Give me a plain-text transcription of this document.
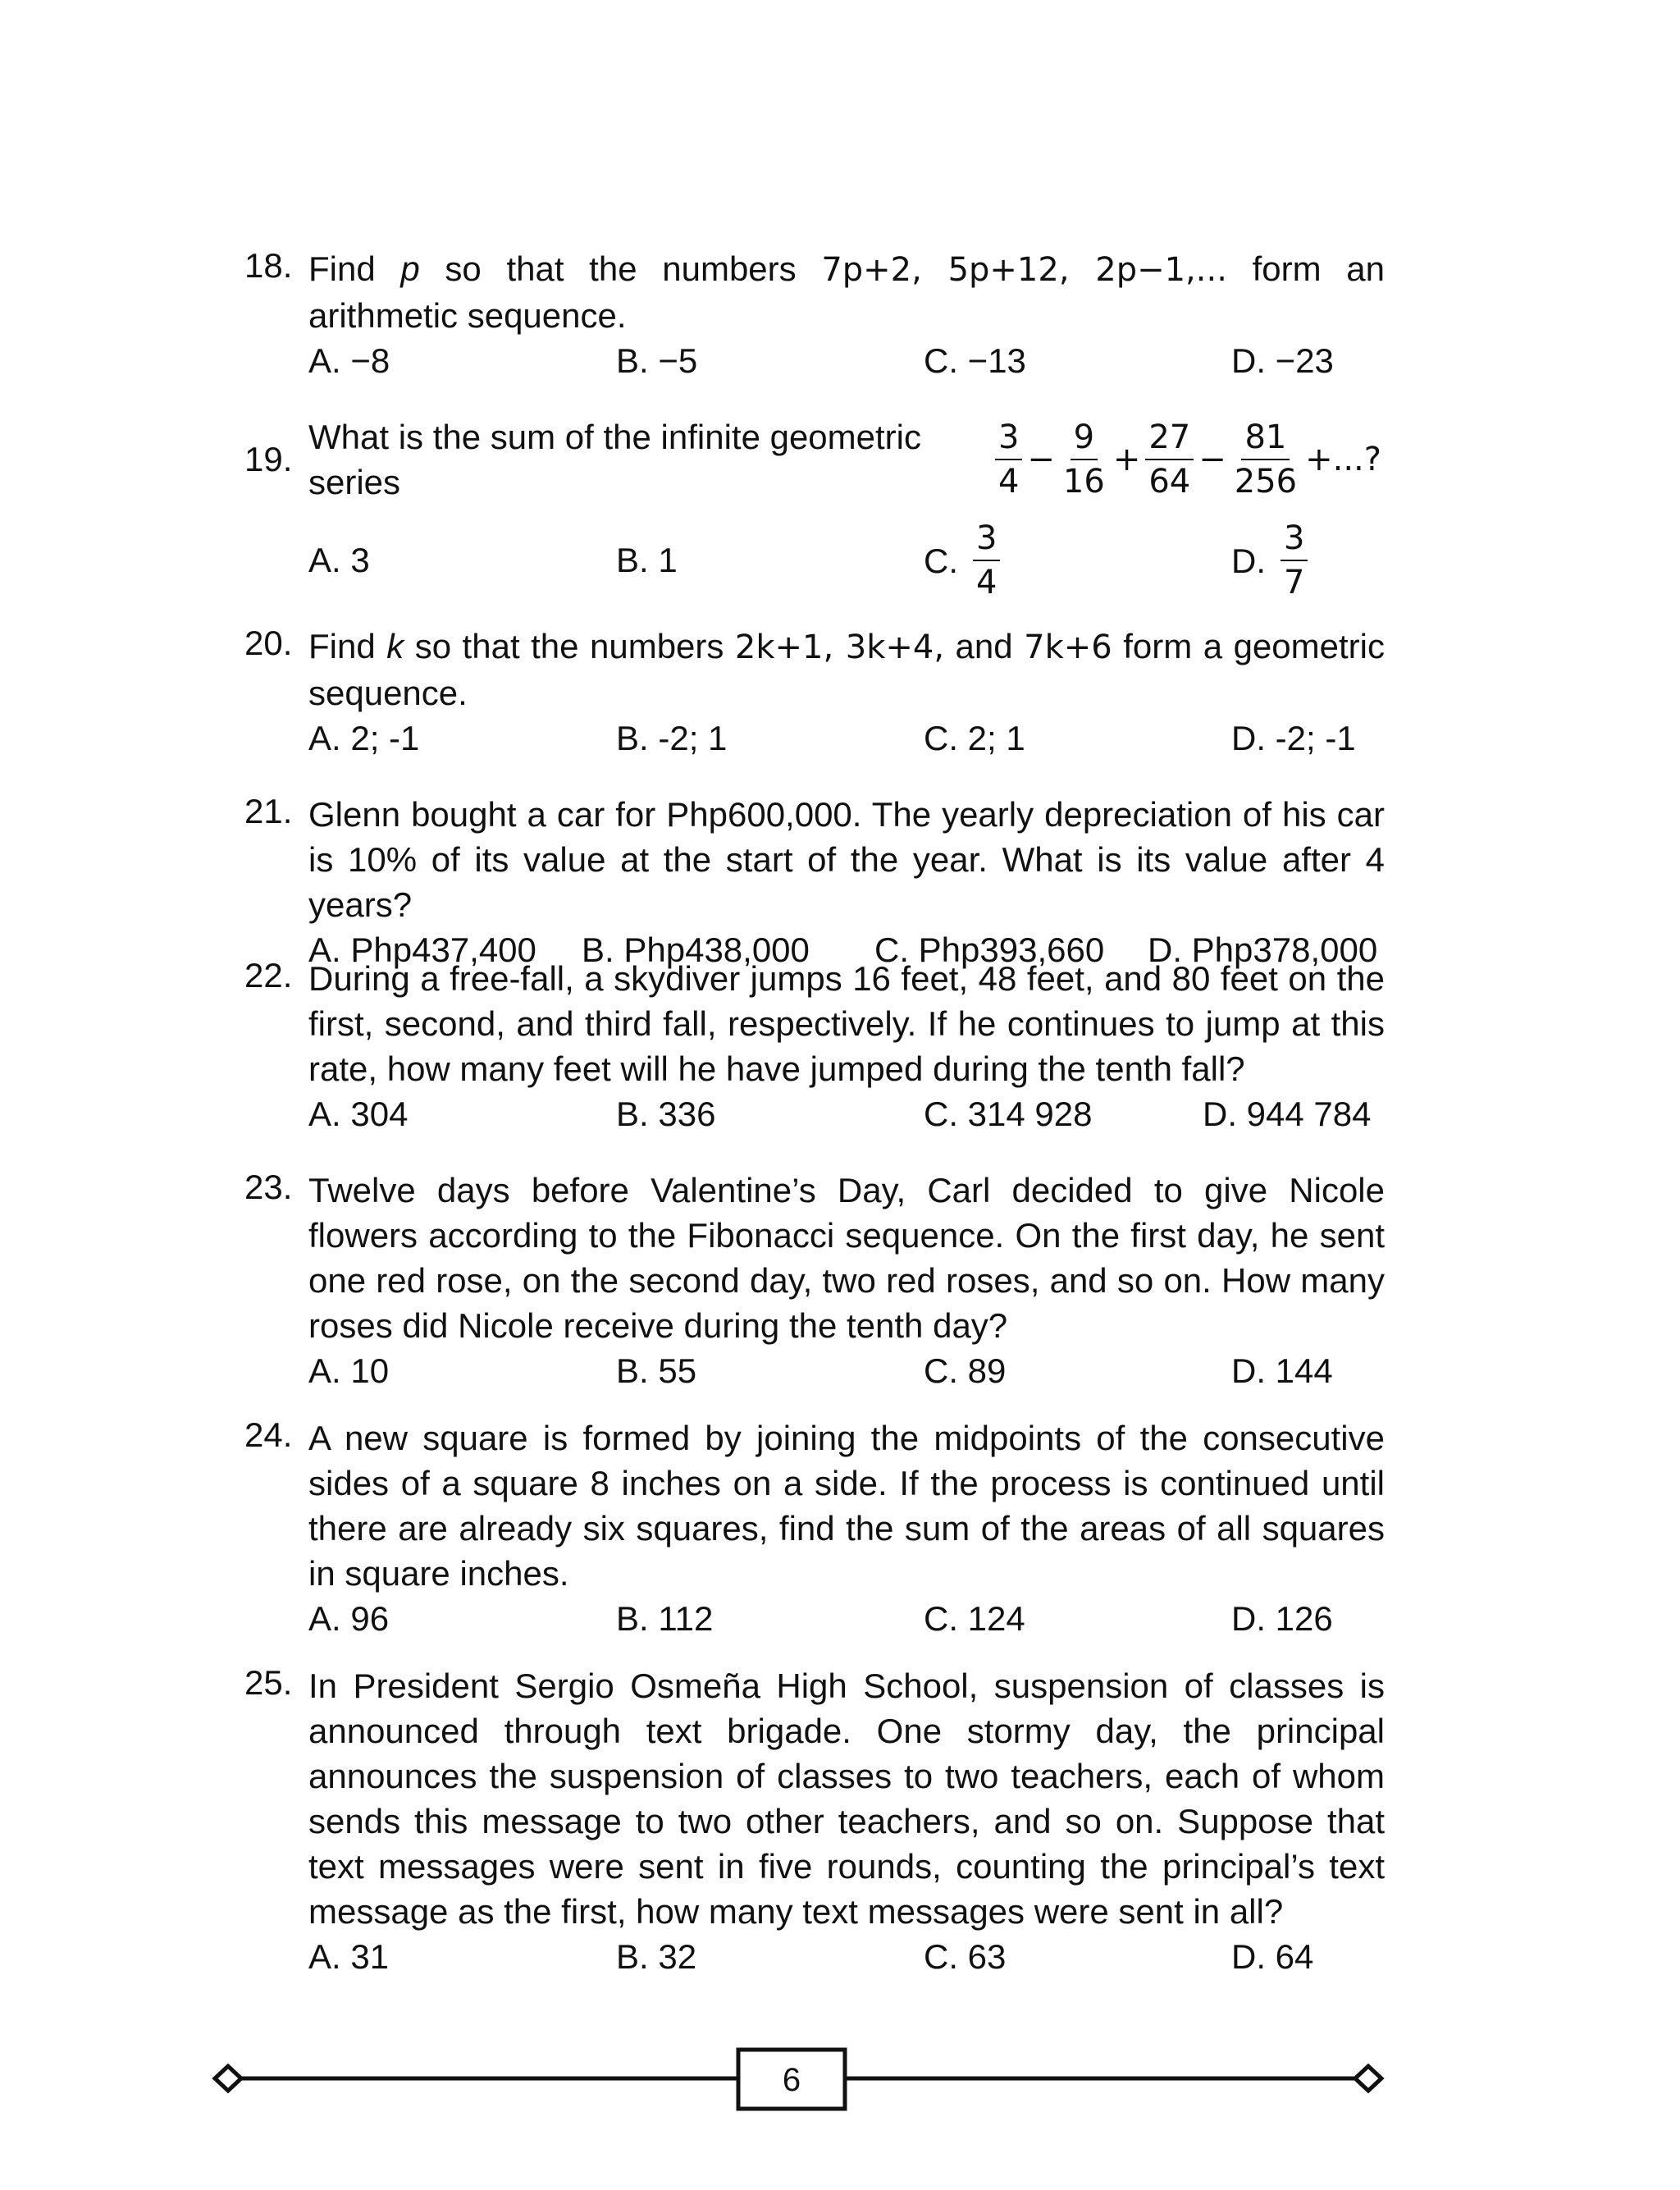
18. Find p so that the numbers 7p+2, 5p+12, 2p−1,... form an arithmetic sequence.
A. −8	B. −5	C. −13	D. −23
19.
What is the sum of the infinite geometric series	$\frac{3}{4} - \frac{9}{16} + \frac{27}{64} - \frac{81}{256}$ +...?
A. 3	B. 1	C. $\frac{3}{4}$	D. $\frac{3}{7}$
20. Find k so that the numbers 2k+1, 3k+4, and 7k+6 form a geometric sequence.
A. 2; -1	B. -2; 1	C. 2; 1	D. -2; -1
21. Glenn bought a car for Php600,000. The yearly depreciation of his car is 10% of its value at the start of the year. What is its value after 4 years?
A. Php437,400 B. Php438,000 C. Php393,660 D. Php378,000
22. During a free-fall, a skydiver jumps 16 feet, 48 feet, and 80 feet on the first, second, and third fall, respectively. If he continues to jump at this rate, how many feet will he have jumped during the tenth fall?
A. 304	B. 336	C. 314 928	D. 944 784
23. Twelve days before Valentine’s Day, Carl decided to give Nicole flowers according to the Fibonacci sequence. On the first day, he sent one red rose, on the second day, two red roses, and so on. How many roses did Nicole receive during the tenth day?
A. 10	B. 55	C. 89	D. 144
24. A new square is formed by joining the midpoints of the consecutive sides of a square 8 inches on a side. If the process is continued until there are already six squares, find the sum of the areas of all squares in square inches.
A. 96	B. 112	C. 124	D. 126
25. In President Sergio Osmeña High School, suspension of classes is announced through text brigade. One stormy day, the principal announces the suspension of classes to two teachers, each of whom sends this message to two other teachers, and so on. Suppose that text messages were sent in five rounds, counting the principal’s text message as the first, how many text messages were sent in all?
A. 31	B. 32	C. 63	D. 64
6
